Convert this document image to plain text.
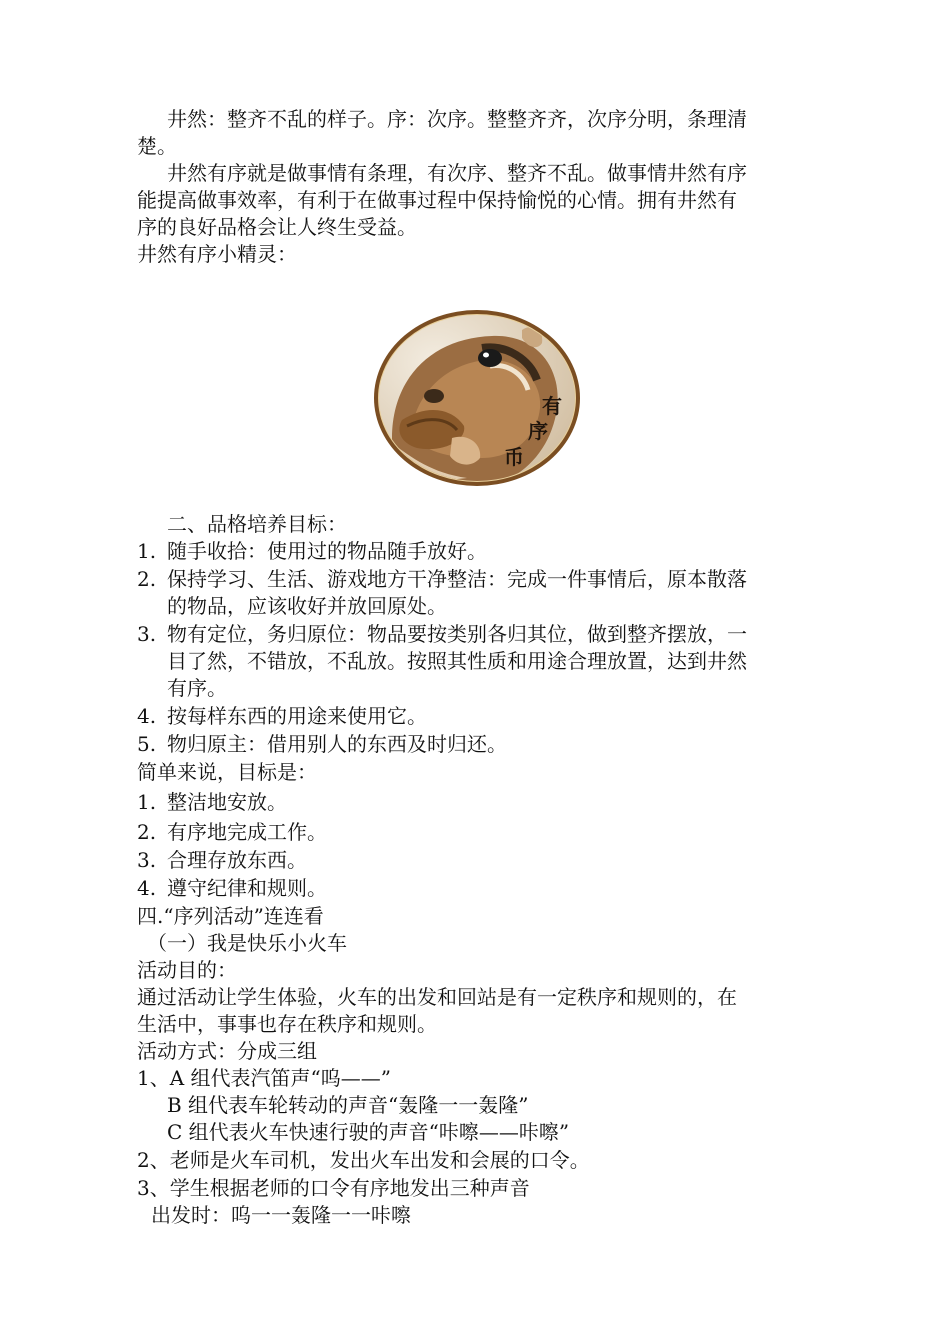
井然：整齐不乱的样子。序：次序。整整齐齐，次序分明，条理清
楚。
井然有序就是做事情有条理，有次序、整齐不乱。做事情井然有序
能提高做事效率，有利于在做事过程中保持愉悦的心情。拥有井然有
序的良好品格会让人终生受益。
井然有序小精灵：
有
序
币
二、品格培养目标：
1. 随手收拾：使用过的物品随手放好。
2. 保持学习、生活、游戏地方干净整洁：完成一件事情后，原本散落
的物品，应该收好并放回原处。
3. 物有定位，务归原位：物品要按类别各归其位，做到整齐摆放，一
目了然，不错放，不乱放。按照其性质和用途合理放置，达到井然
有序。
4. 按每样东西的用途来使用它。
5. 物归原主：借用别人的东西及时归还。
简单来说，目标是：
1. 整洁地安放。
2. 有序地完成工作。
3. 合理存放东西。
4. 遵守纪律和规则。
四.“序列活动”连连看
（一）我是快乐小火车
活动目的：
通过活动让学生体验，火车的出发和回站是有一定秩序和规则的，在
生活中，事事也存在秩序和规则。
活动方式：分成三组
1、A 组代表汽笛声“呜——”
B 组代表车轮转动的声音“轰隆一一轰隆”
C 组代表火车快速行驶的声音“咔嚓——咔嚓”
2、老师是火车司机，发出火车出发和会展的口令。
3、学生根据老师的口令有序地发出三种声音
出发时：呜一一轰隆一一咔嚓
